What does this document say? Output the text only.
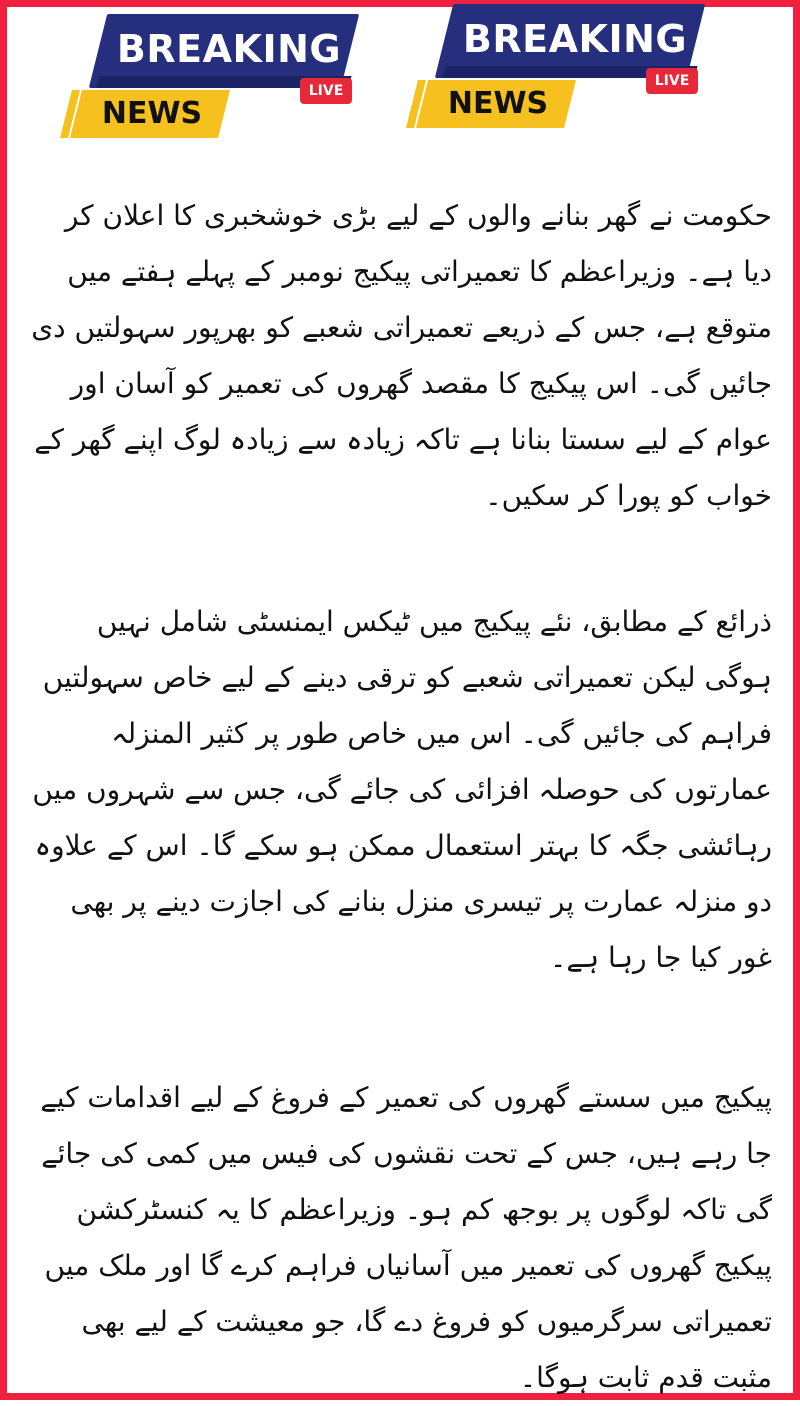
BREAKING
NEWS
LIVE
BREAKING
NEWS
LIVE

حکومت نے گھر بنانے والوں کے لیے بڑی خوشخبری کا اعلان کر دیا ہے۔ وزیراعظم کا تعمیراتی پیکیج نومبر کے پہلے ہفتے میں متوقع ہے، جس کے ذریعے تعمیراتی شعبے کو بھرپور سہولتیں دی جائیں گی۔ اس پیکیج کا مقصد گھروں کی تعمیر کو آسان اور عوام کے لیے سستا بنانا ہے تاکہ زیادہ سے زیادہ لوگ اپنے گھر کے خواب کو پورا کر سکیں۔

ذرائع کے مطابق، نئے پیکیج میں ٹیکس ایمنسٹی شامل نہیں ہوگی لیکن تعمیراتی شعبے کو ترقی دینے کے لیے خاص سہولتیں فراہم کی جائیں گی۔ اس میں خاص طور پر کثیر المنزلہ عمارتوں کی حوصلہ افزائی کی جائے گی، جس سے شہروں میں رہائشی جگہ کا بہتر استعمال ممکن ہو سکے گا۔ اس کے علاوہ دو منزلہ عمارت پر تیسری منزل بنانے کی اجازت دینے پر بھی غور کیا جا رہا ہے۔

پیکیج میں سستے گھروں کی تعمیر کے فروغ کے لیے اقدامات کیے جا رہے ہیں، جس کے تحت نقشوں کی فیس میں کمی کی جائے گی تاکہ لوگوں پر بوجھ کم ہو۔ وزیراعظم کا یہ کنسٹرکشن پیکیج گھروں کی تعمیر میں آسانیاں فراہم کرے گا اور ملک میں تعمیراتی سرگرمیوں کو فروغ دے گا، جو معیشت کے لیے بھی مثبت قدم ثابت ہوگا۔
